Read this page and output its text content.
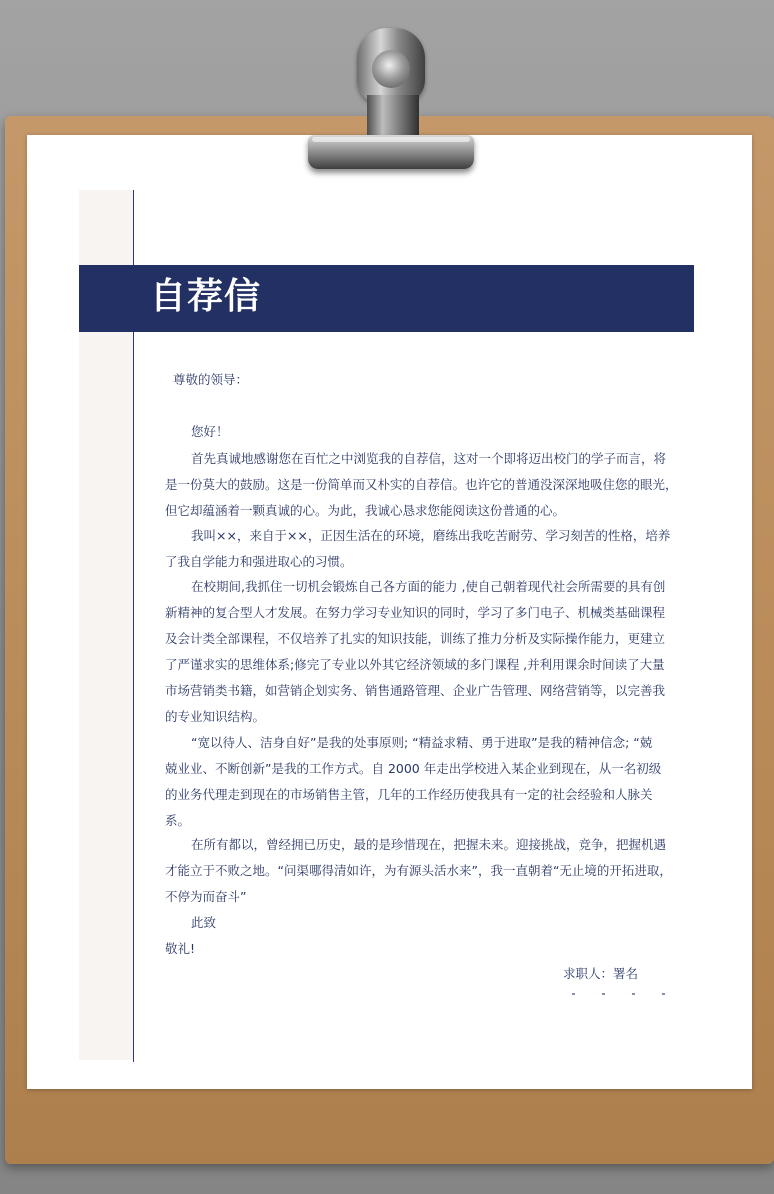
自荐信
尊敬的领导：
您好！
首先真诚地感谢您在百忙之中浏览我的自荐信，这对一个即将迈出校门的学子而言，将
是一份莫大的鼓励。这是一份简单而又朴实的自荐信。也许它的普通没深深地吸住您的眼光，
但它却蕴涵着一颗真诚的心。为此，我诚心恳求您能阅读这份普通的心。
我叫××，来自于××，正因生活在的环境，磨练出我吃苦耐劳、学习刻苦的性格，培养
了我自学能力和强进取心的习惯。
在校期间,我抓住一切机会锻炼自己各方面的能力 ,使自己朝着现代社会所需要的具有创
新精神的复合型人才发展。在努力学习专业知识的同时，学习了多门电子、机械类基础课程
及会计类全部课程，不仅培养了扎实的知识技能，训练了推力分析及实际操作能力，更建立
了严谨求实的思维体系;修完了专业以外其它经济领域的多门课程 ,并利用课余时间读了大量
市场营销类书籍，如营销企划实务、销售通路管理、企业广告管理、网络营销等，以完善我
的专业知识结构。
“宽以待人、洁身自好”是我的处事原则; “精益求精、勇于进取”是我的精神信念; “兢
兢业业、不断创新”是我的工作方式。自 2000 年走出学校进入某企业到现在，从一名初级
的业务代理走到现在的市场销售主管，几年的工作经历使我具有一定的社会经验和人脉关
系。
在所有都以，曾经拥已历史，最的是珍惜现在，把握未来。迎接挑战，竞争，把握机遇
才能立于不败之地。“问渠哪得清如许，为有源头活水来”，我一直朝着“无止境的开拓进取，
不停为而奋斗”
此致
敬礼!
求职人：署名
